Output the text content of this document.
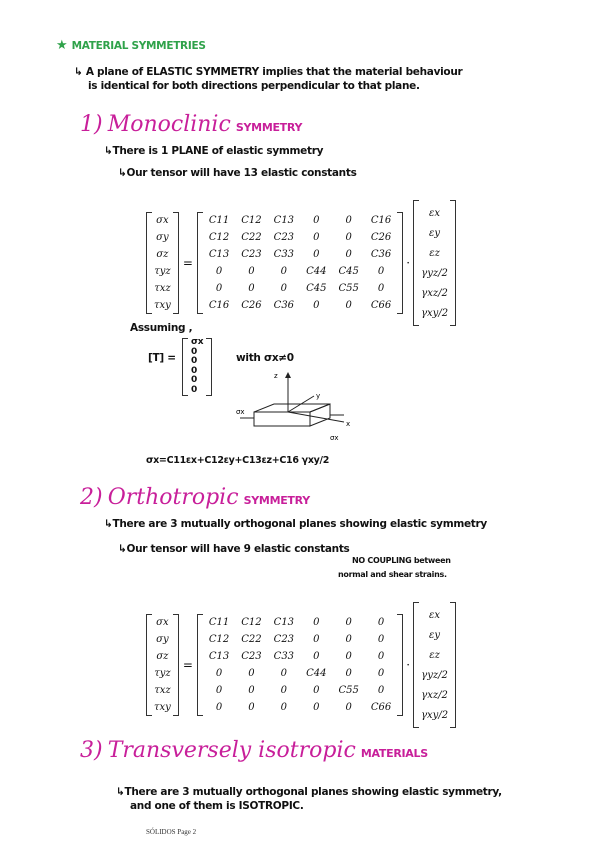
★ MATERIAL SYMMETRIES
↳ A plane of ELASTIC SYMMETRY implies that the material behaviour
is identical for both directions perpendicular to that plane.
1) Monoclinic SYMMETRY
↳There is 1 PLANE of elastic symmetry
↳Our tensor will have 13 elastic constants
σx
σy
σz
τyz
τxz
τxy
=
C11	C12	C13	0	0	C16
C12	C22	C23	0	0	C26
C13	C23	C33	0	0	C36
0	0	0	C44	C45	0
0	0	0	C45	C55	0
C16	C26	C36	0	0	C66
·
εx
εy
εz
γyz/2
γxz/2
γxy/2
Assuming ,
[T] =
σx
0
0
0
0
0
with σx≠0
z
y
x
σx
σx
σx=C11εx+C12εy+C13εz+C16 γxy/2
2) Orthotropic SYMMETRY
↳There are 3 mutually orthogonal planes showing elastic symmetry
↳Our tensor will have 9 elastic constants
NO COUPLING between
normal and shear strains.
σx
σy
σz
τyz
τxz
τxy
=
C11	C12	C13	0	0	0
C12	C22	C23	0	0	0
C13	C23	C33	0	0	0
0	0	0	C44	0	0
0	0	0	0	C55	0
0	0	0	0	0	C66
·
εx
εy
εz
γyz/2
γxz/2
γxy/2
3) Transversely isotropic MATERIALS
↳There are 3 mutually orthogonal planes showing elastic symmetry,
and one of them is ISOTROPIC.
SÓLIDOS Page 2
